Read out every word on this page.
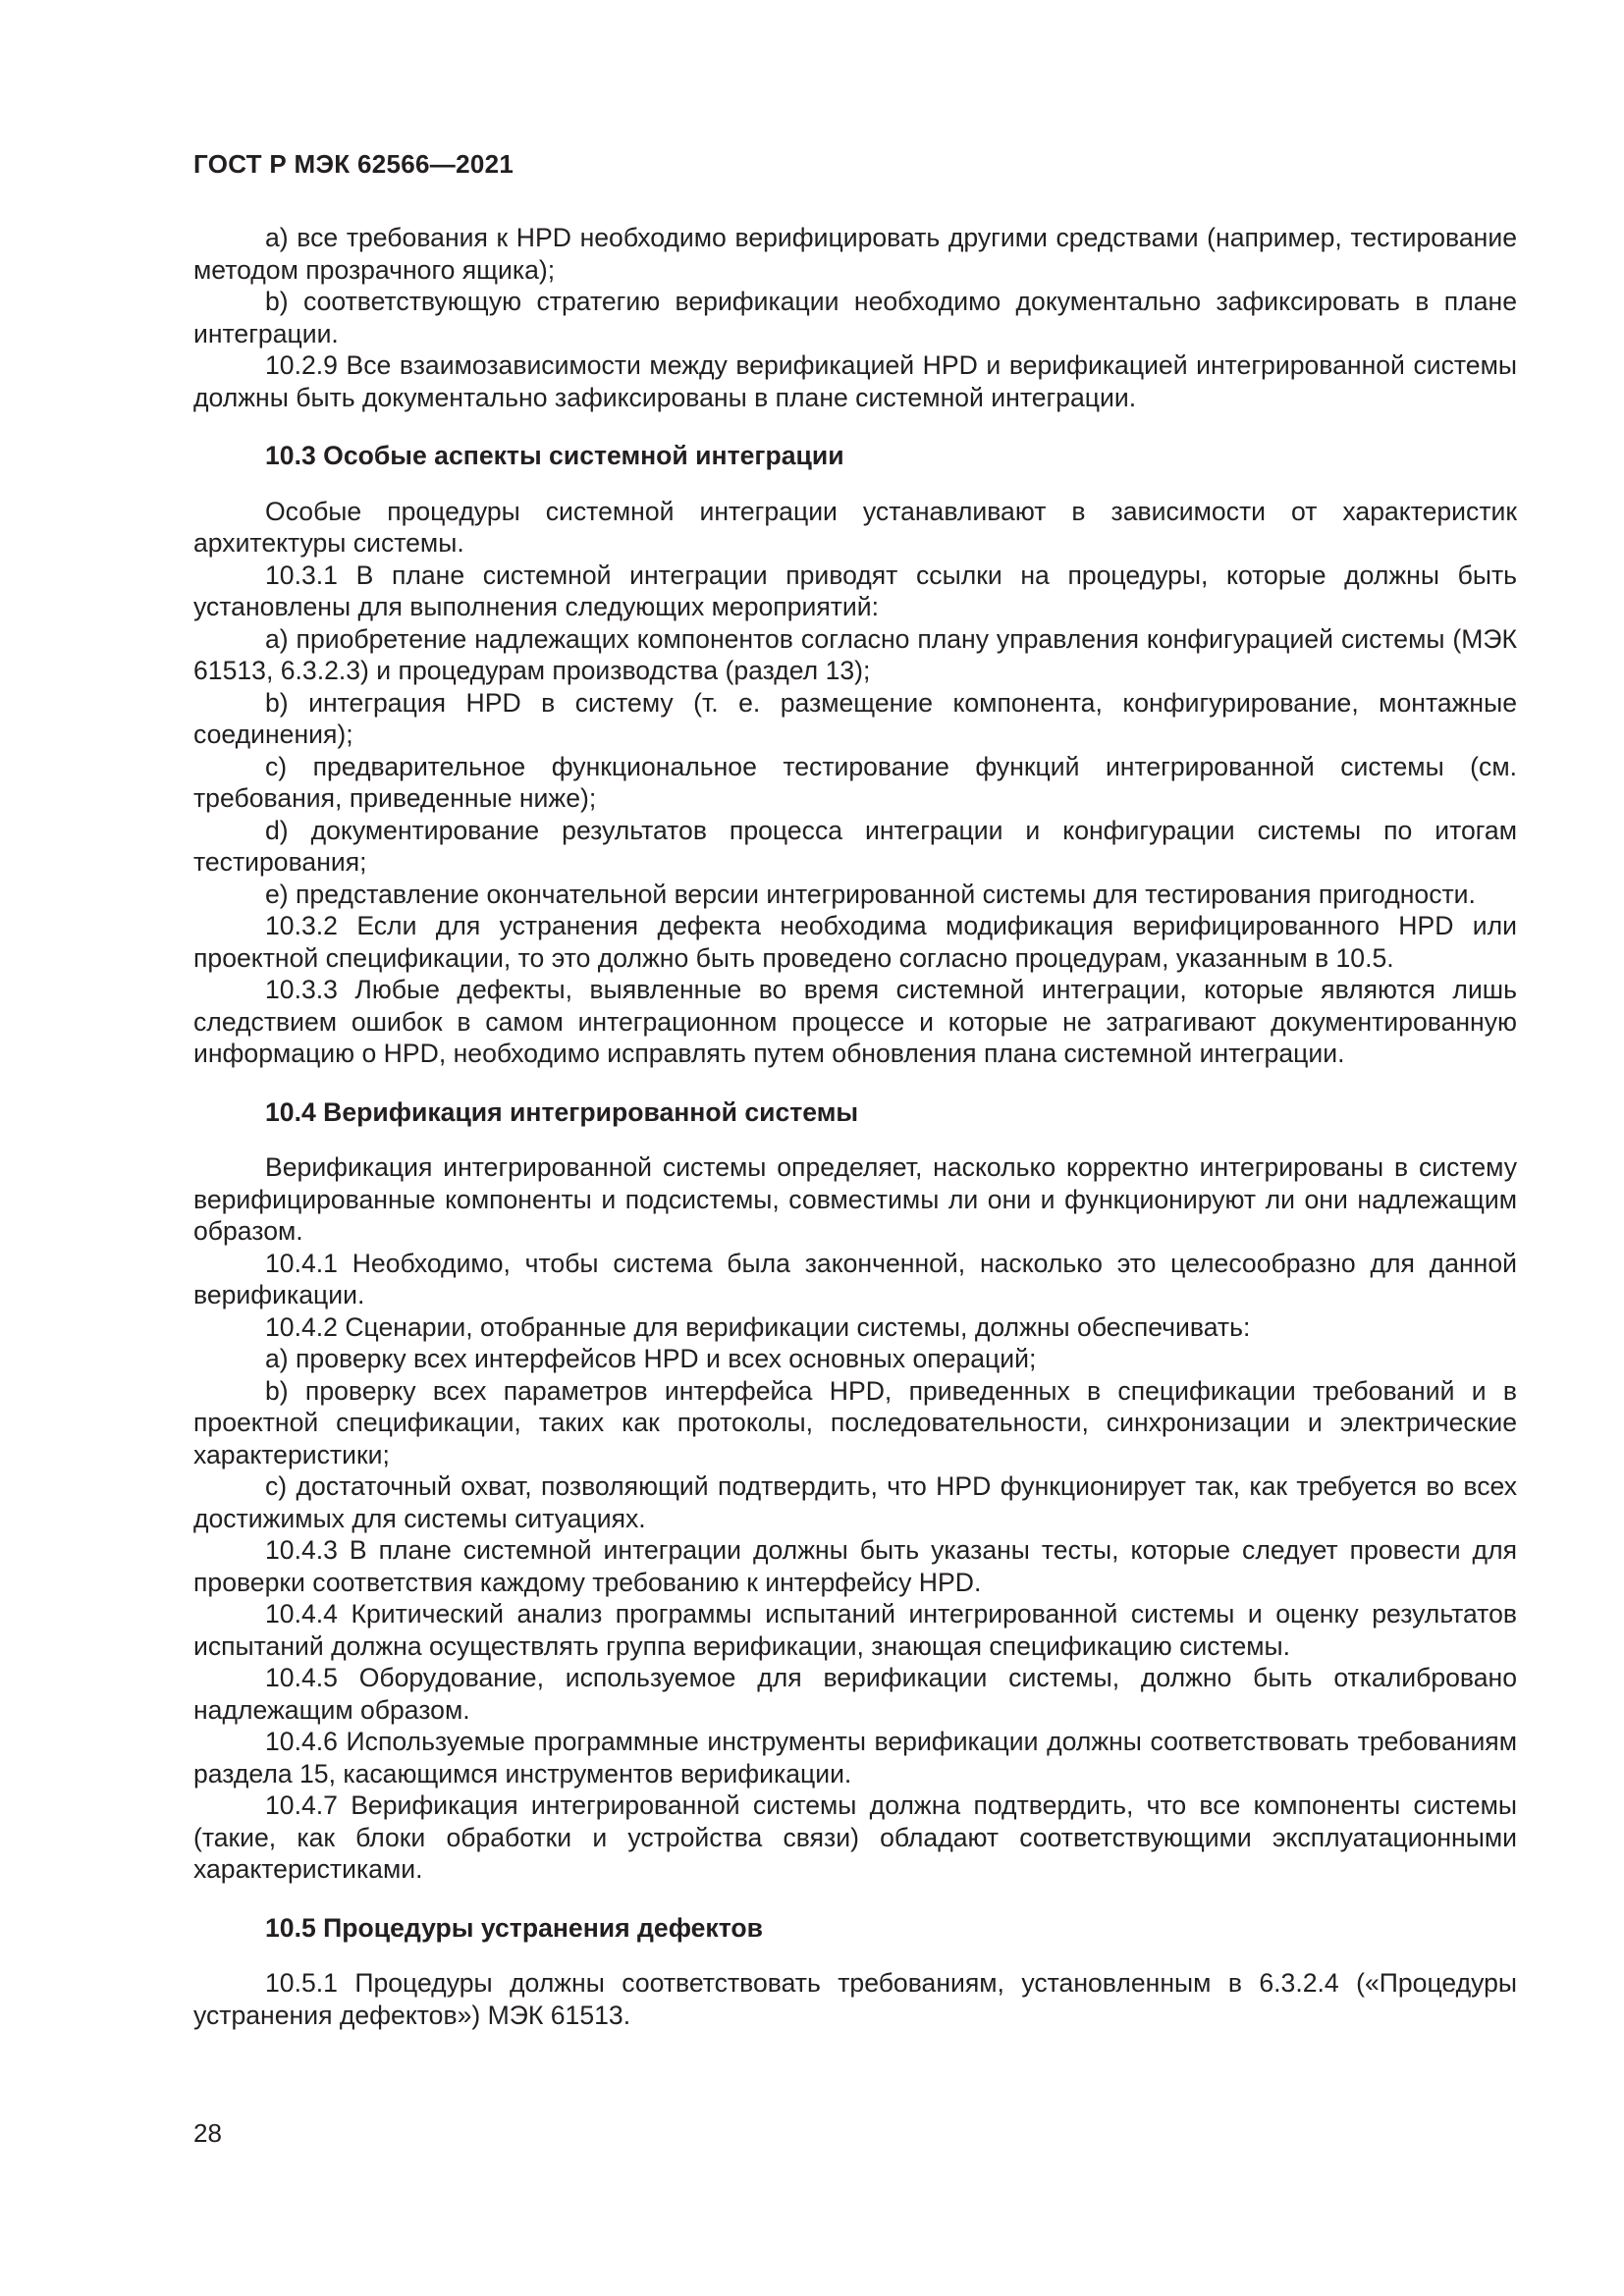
ГОСТ Р МЭК 62566—2021

a) все требования к HPD необходимо верифицировать другими средствами (например, тестирование методом прозрачного ящика);

b) соответствующую стратегию верификации необходимо документально зафиксировать в плане интеграции.

10.2.9 Все взаимозависимости между верификацией HPD и верификацией интегрированной системы должны быть документально зафиксированы в плане системной интеграции.

10.3 Особые аспекты системной интеграции

Особые процедуры системной интеграции устанавливают в зависимости от характеристик архитектуры системы.

10.3.1 В плане системной интеграции приводят ссылки на процедуры, которые должны быть установлены для выполнения следующих мероприятий:

a) приобретение надлежащих компонентов согласно плану управления конфигурацией системы (МЭК 61513, 6.3.2.3) и процедурам производства (раздел 13);

b) интеграция HPD в систему (т. е. размещение компонента, конфигурирование, монтажные соединения);

c) предварительное функциональное тестирование функций интегрированной системы (см. требования, приведенные ниже);

d) документирование результатов процесса интеграции и конфигурации системы по итогам тестирования;

e) представление окончательной версии интегрированной системы для тестирования пригодности.

10.3.2 Если для устранения дефекта необходима модификация верифицированного HPD или проектной спецификации, то это должно быть проведено согласно процедурам, указанным в 10.5.

10.3.3 Любые дефекты, выявленные во время системной интеграции, которые являются лишь следствием ошибок в самом интеграционном процессе и которые не затрагивают документированную информацию о HPD, необходимо исправлять путем обновления плана системной интеграции.

10.4 Верификация интегрированной системы

Верификация интегрированной системы определяет, насколько корректно интегрированы в систему верифицированные компоненты и подсистемы, совместимы ли они и функционируют ли они надлежащим образом.

10.4.1 Необходимо, чтобы система была законченной, насколько это целесообразно для данной верификации.

10.4.2 Сценарии, отобранные для верификации системы, должны обеспечивать:

a) проверку всех интерфейсов HPD и всех основных операций;

b) проверку всех параметров интерфейса HPD, приведенных в спецификации требований и в проектной спецификации, таких как протоколы, последовательности, синхронизации и электрические характеристики;

c) достаточный охват, позволяющий подтвердить, что HPD функционирует так, как требуется во всех достижимых для системы ситуациях.

10.4.3 В плане системной интеграции должны быть указаны тесты, которые следует провести для проверки соответствия каждому требованию к интерфейсу HPD.

10.4.4 Критический анализ программы испытаний интегрированной системы и оценку результатов испытаний должна осуществлять группа верификации, знающая спецификацию системы.

10.4.5 Оборудование, используемое для верификации системы, должно быть откалибровано надлежащим образом.

10.4.6 Используемые программные инструменты верификации должны соответствовать требованиям раздела 15, касающимся инструментов верификации.

10.4.7 Верификация интегрированной системы должна подтвердить, что все компоненты системы (такие, как блоки обработки и устройства связи) обладают соответствующими эксплуатационными характеристиками.

10.5 Процедуры устранения дефектов

10.5.1 Процедуры должны соответствовать требованиям, установленным в 6.3.2.4 («Процедуры устранения дефектов») МЭК 61513.

28
